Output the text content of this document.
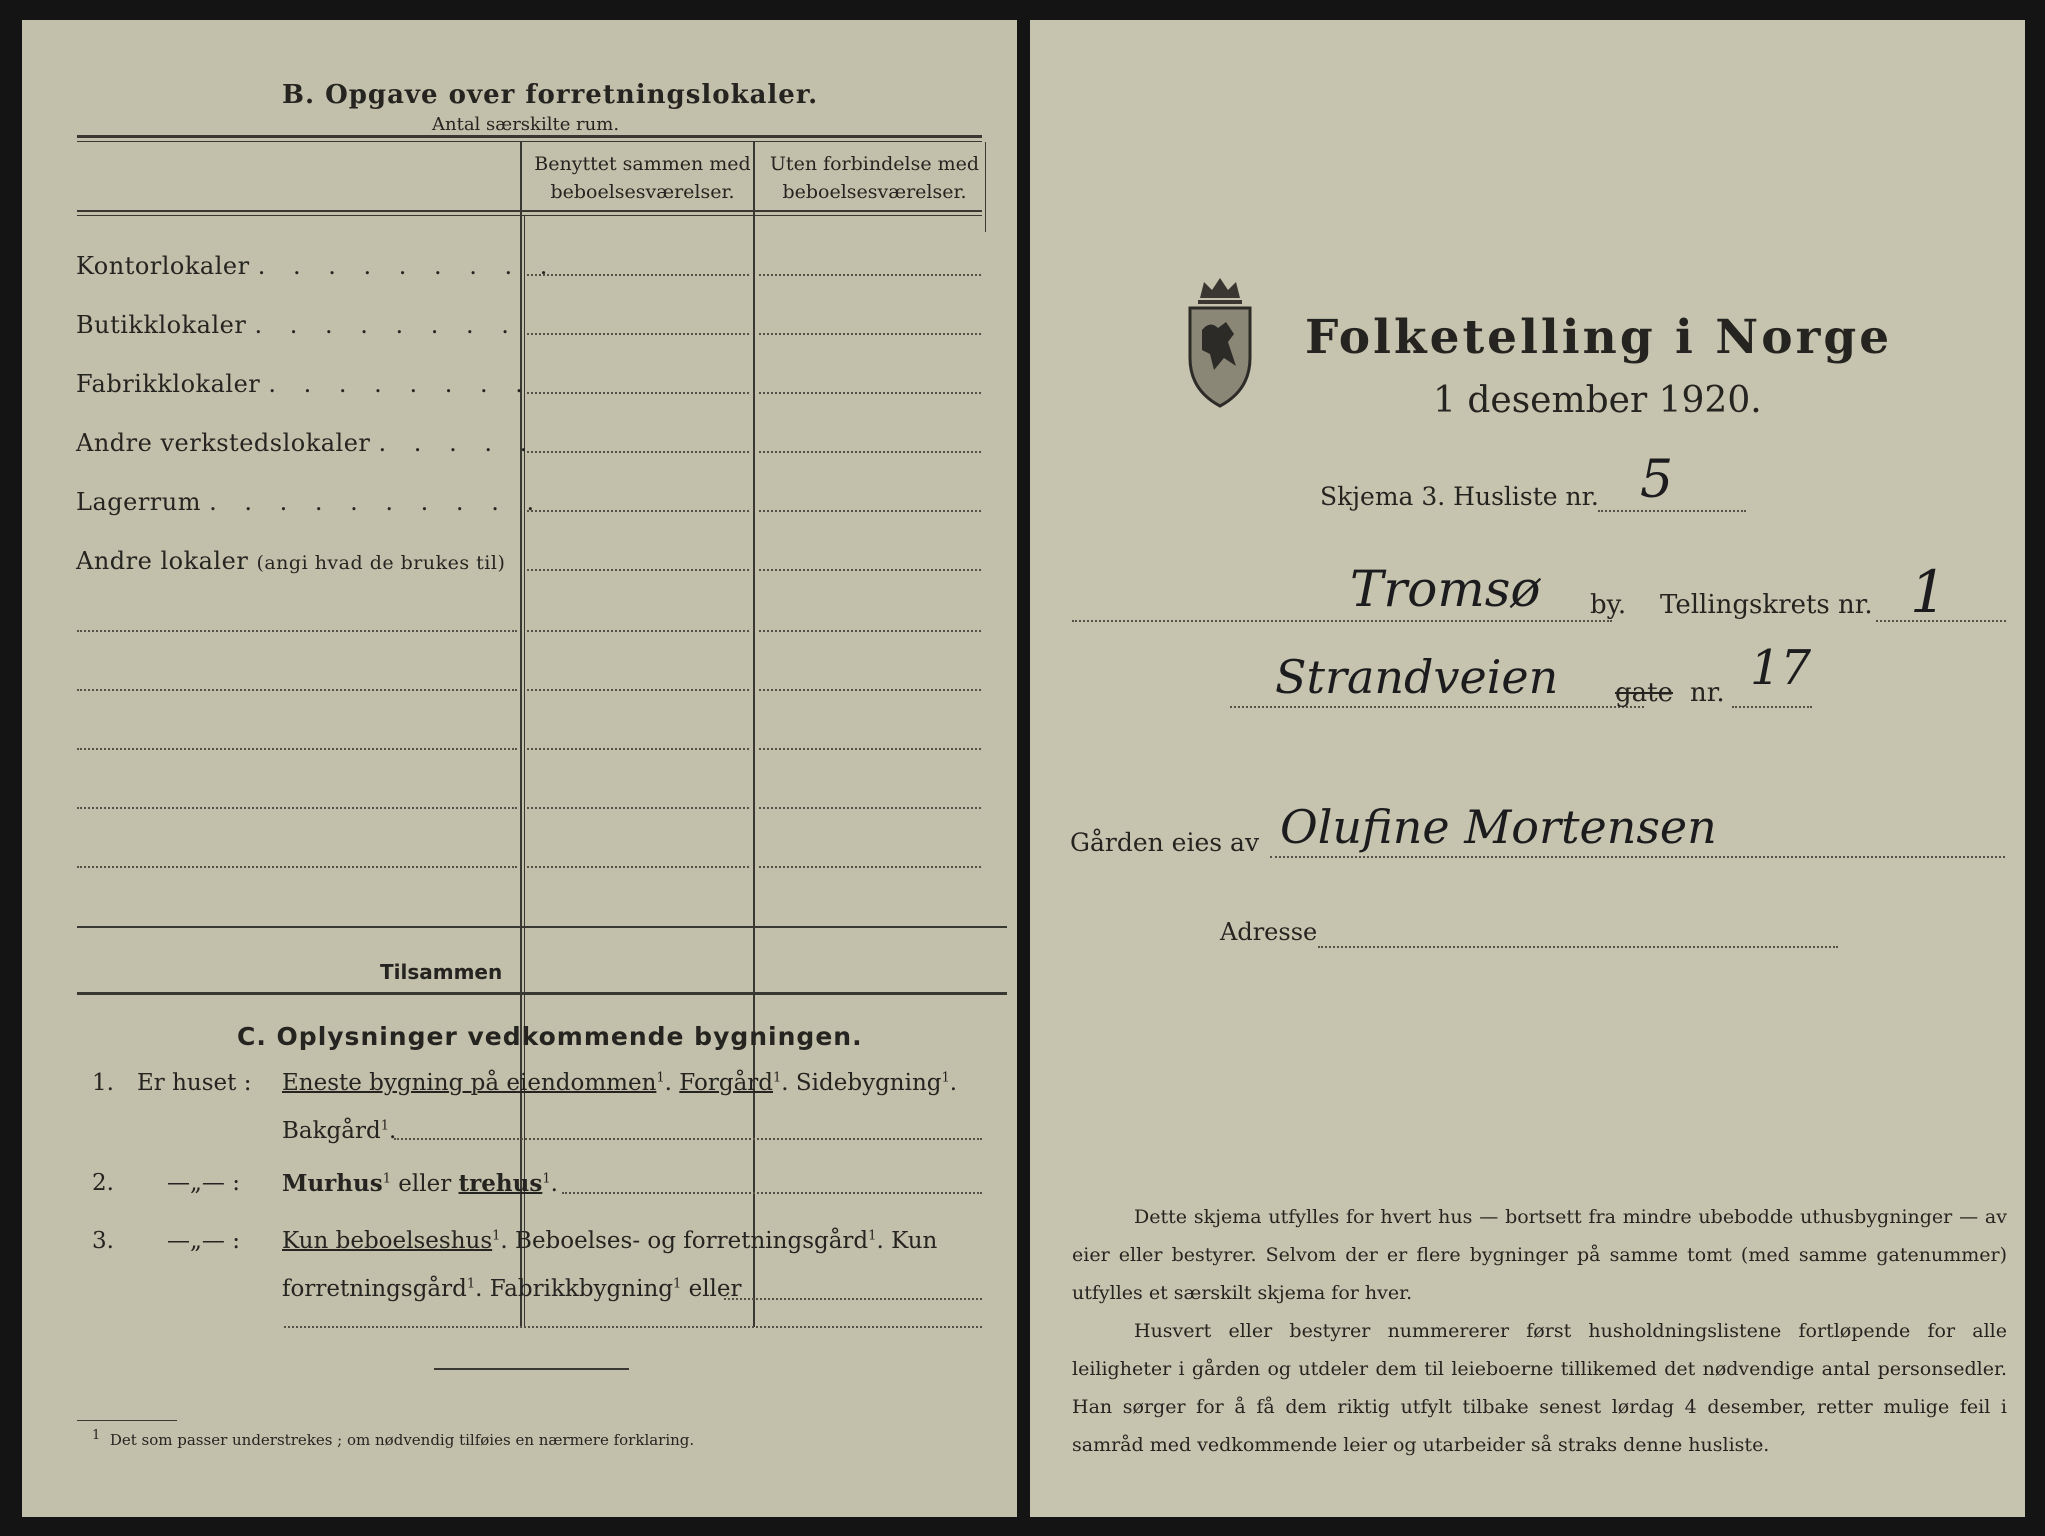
B. Opgave over forretningslokaler.
Antal særskilte rum.
Benyttet sammen med beboelsesværelser.
Uten forbindelse med beboelsesværelser.
Kontorlokaler . . . . . . . . .
Butikklokaler . . . . . . . .
Fabrikklokaler . . . . . . . .
Andre verkstedslokaler . . . . .
Lagerrum . . . . . . . . . .
Andre lokaler (angi hvad de brukes til)
Tilsammen
C. Oplysninger vedkommende bygningen.
1. Er huset : Eneste bygning på eiendommen$^1$. Forgård$^1$. Sidebygning$^1$.
Bakgård$^1$.
2. —„— : Murhus$^1$ eller trehus$^1$.
3. —„— : Kun beboelseshus$^1$. Beboelses- og forretningsgård$^1$. Kun
forretningsgård$^1$. Fabrikkbygning$^1$ eller
1 Det som passer understrekes ; om nødvendig tilføies en nærmere forklaring.
Folketelling i Norge
1 desember 1920.
Skjema 3. Husliste nr. 5
Tromsø by. Tellingskrets nr. 1
Strandveien gate nr. 17
Gården eies av Olufine Mortensen
Adresse
Dette skjema utfylles for hvert hus — bortsett fra mindre ubebodde uthusbygninger — av eier eller bestyrer. Selvom der er flere bygninger på samme tomt (med samme gatenummer) utfylles et særskilt skjema for hver.
Husvert eller bestyrer nummererer først husholdningslistene fortløpende for alle leiligheter i gården og utdeler dem til leieboerne tillikemed det nødvendige antal personsedler. Han sørger for å få dem riktig utfylt tilbake senest lørdag 4 desember, retter mulige feil i samråd med vedkommende leier og utarbeider så straks denne husliste.
